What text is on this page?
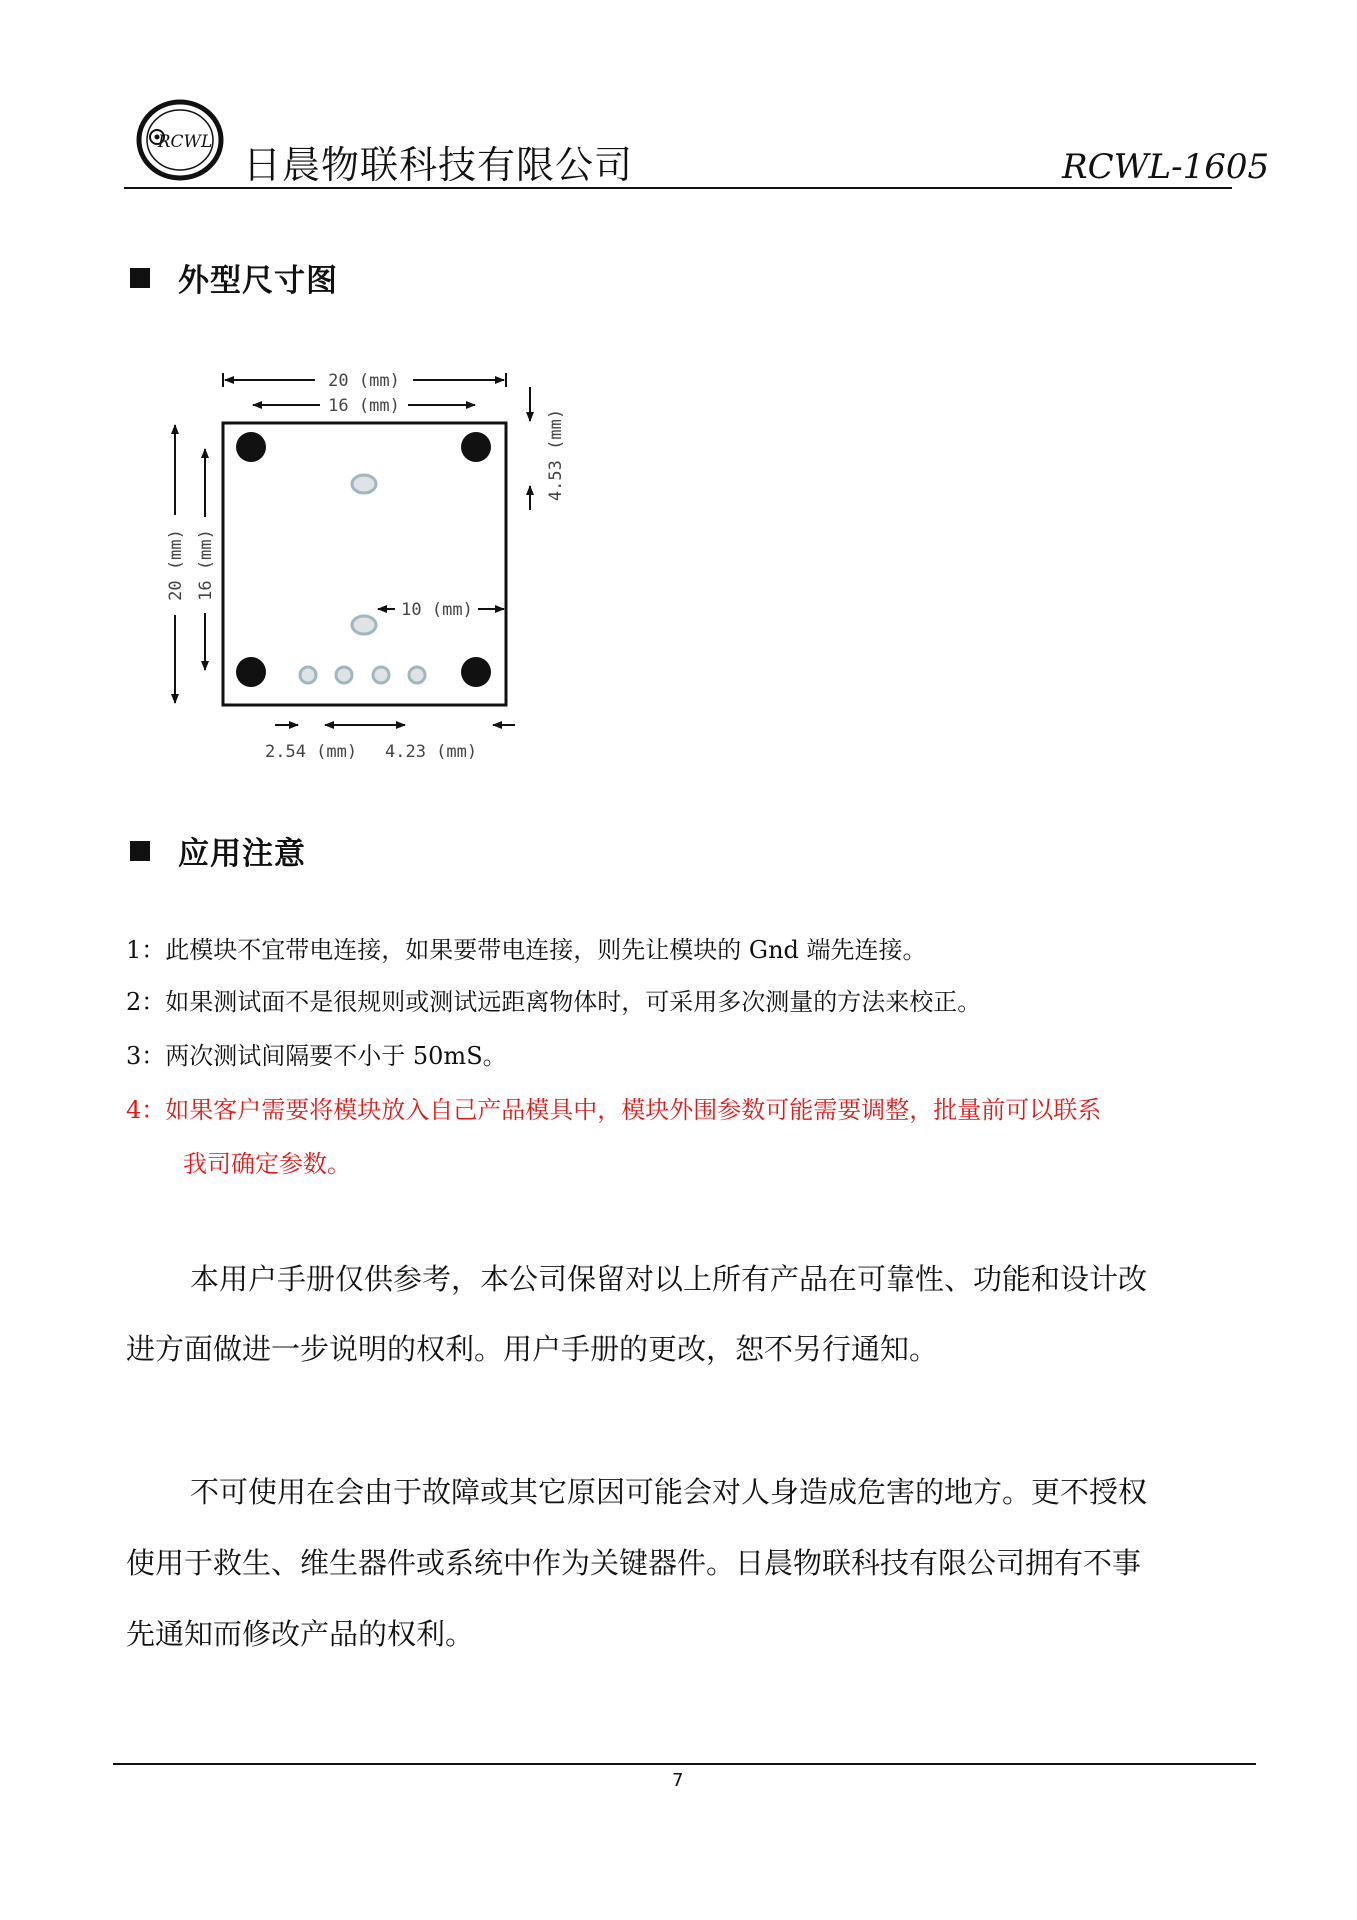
RCWL
日晨物联科技有限公司	RCWL-1605
外型尺寸图
20 (mm)
16 (mm)
20 (mm) 16 (mm)
4.53 (mm)
10 (mm)
2.54 (mm) 4.23 (mm)
应用注意
1：此模块不宜带电连接，如果要带电连接，则先让模块的 Gnd 端先连接。
2：如果测试面不是很规则或测试远距离物体时，可采用多次测量的方法来校正。
3：两次测试间隔要不小于 50mS。
4：如果客户需要将模块放入自己产品模具中，模块外围参数可能需要调整，批量前可以联系
我司确定参数。
本用户手册仅供参考，本公司保留对以上所有产品在可靠性、功能和设计改
进方面做进一步说明的权利。用户手册的更改，恕不另行通知。
不可使用在会由于故障或其它原因可能会对人身造成危害的地方。更不授权
使用于救生、维生器件或系统中作为关键器件。日晨物联科技有限公司拥有不事
先通知而修改产品的权利。
7
